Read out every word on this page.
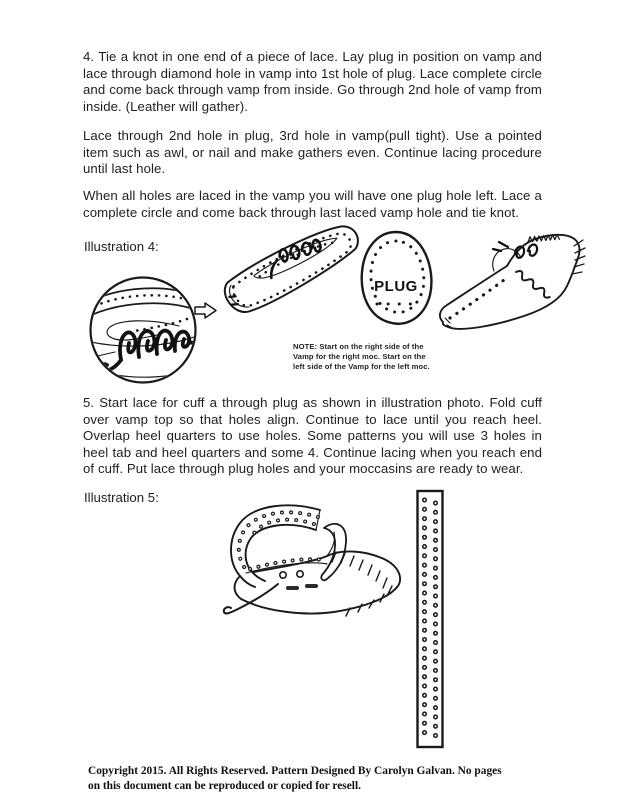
4. Tie a knot in one end of a piece of lace. Lay plug in position on vamp and lace through diamond hole in vamp into 1st hole of plug. Lace complete circle and come back through vamp from inside. Go through 2nd hole of vamp from inside. (Leather will gather).
Lace through 2nd hole in plug, 3rd hole in vamp(pull tight). Use a pointed item such as awl, or nail and make gathers even. Continue lacing procedure until last hole.
When all holes are laced in the vamp you will have one plug hole left. Lace a complete circle and come back through last laced vamp hole and tie knot.
Illustration 4:
PLUG
NOTE: Start on the right side of the
Vamp for the right moc. Start on the
left side of the Vamp for the left moc.
5. Start lace for cuff a through plug as shown in illustration photo. Fold cuff over vamp top so that holes align. Continue to lace until you reach heel. Overlap heel quarters to use holes. Some patterns you will use 3 holes in heel tab and heel quarters and some 4. Continue lacing when you reach end of cuff. Put lace through plug holes and your moccasins are ready to wear.
Illustration 5:
Copyright 2015. All Rights Reserved. Pattern Designed By Carolyn Galvan. No pages
on this document can be reproduced or copied for resell.
